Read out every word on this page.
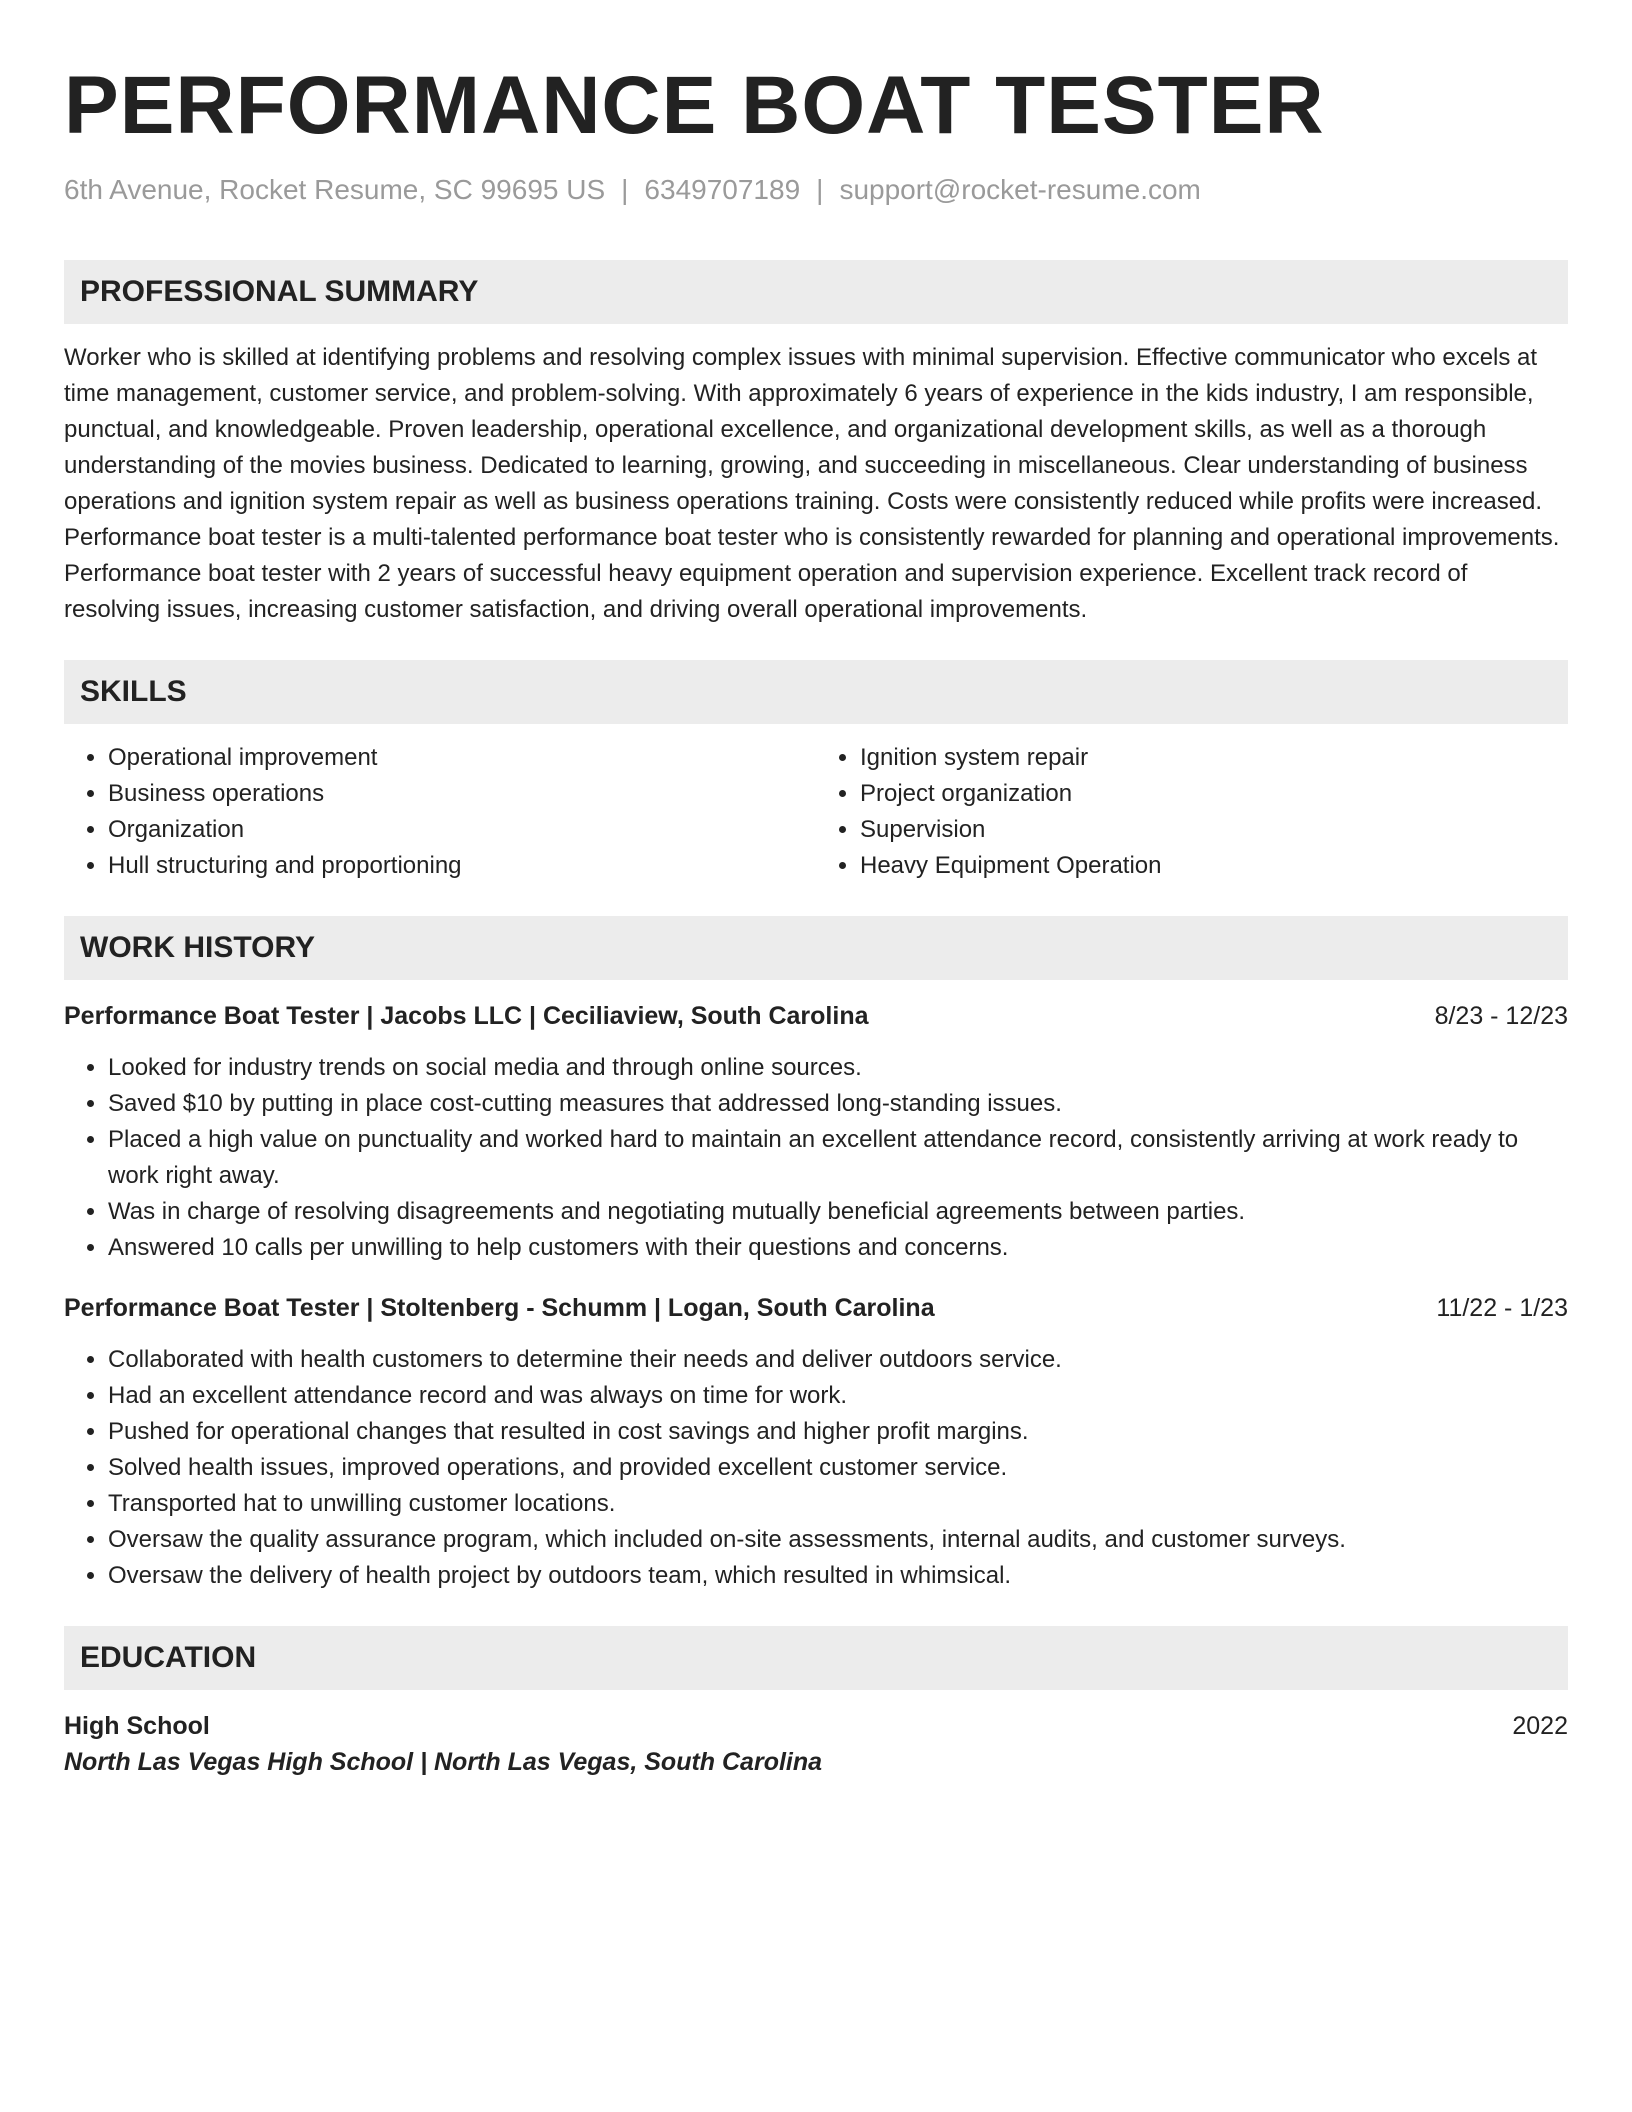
PERFORMANCE BOAT TESTER
6th Avenue, Rocket Resume, SC 99695 US | 6349707189 | support@rocket-resume.com
PROFESSIONAL SUMMARY
Worker who is skilled at identifying problems and resolving complex issues with minimal supervision. Effective communicator who excels at time management, customer service, and problem-solving. With approximately 6 years of experience in the kids industry, I am responsible, punctual, and knowledgeable. Proven leadership, operational excellence, and organizational development skills, as well as a thorough understanding of the movies business. Dedicated to learning, growing, and succeeding in miscellaneous. Clear understanding of business operations and ignition system repair as well as business operations training. Costs were consistently reduced while profits were increased. Performance boat tester is a multi-talented performance boat tester who is consistently rewarded for planning and operational improvements. Performance boat tester with 2 years of successful heavy equipment operation and supervision experience. Excellent track record of resolving issues, increasing customer satisfaction, and driving overall operational improvements.
SKILLS
• Operational improvement
• Business operations
• Organization
• Hull structuring and proportioning
• Ignition system repair
• Project organization
• Supervision
• Heavy Equipment Operation
WORK HISTORY
Performance Boat Tester | Jacobs LLC | Ceciliaview, South Carolina	8/23 - 12/23
• Looked for industry trends on social media and through online sources.
• Saved $10 by putting in place cost-cutting measures that addressed long-standing issues.
• Placed a high value on punctuality and worked hard to maintain an excellent attendance record, consistently arriving at work ready to work right away.
• Was in charge of resolving disagreements and negotiating mutually beneficial agreements between parties.
• Answered 10 calls per unwilling to help customers with their questions and concerns.
Performance Boat Tester | Stoltenberg - Schumm | Logan, South Carolina	11/22 - 1/23
• Collaborated with health customers to determine their needs and deliver outdoors service.
• Had an excellent attendance record and was always on time for work.
• Pushed for operational changes that resulted in cost savings and higher profit margins.
• Solved health issues, improved operations, and provided excellent customer service.
• Transported hat to unwilling customer locations.
• Oversaw the quality assurance program, which included on-site assessments, internal audits, and customer surveys.
• Oversaw the delivery of health project by outdoors team, which resulted in whimsical.
EDUCATION
High School	2022
North Las Vegas High School | North Las Vegas, South Carolina
